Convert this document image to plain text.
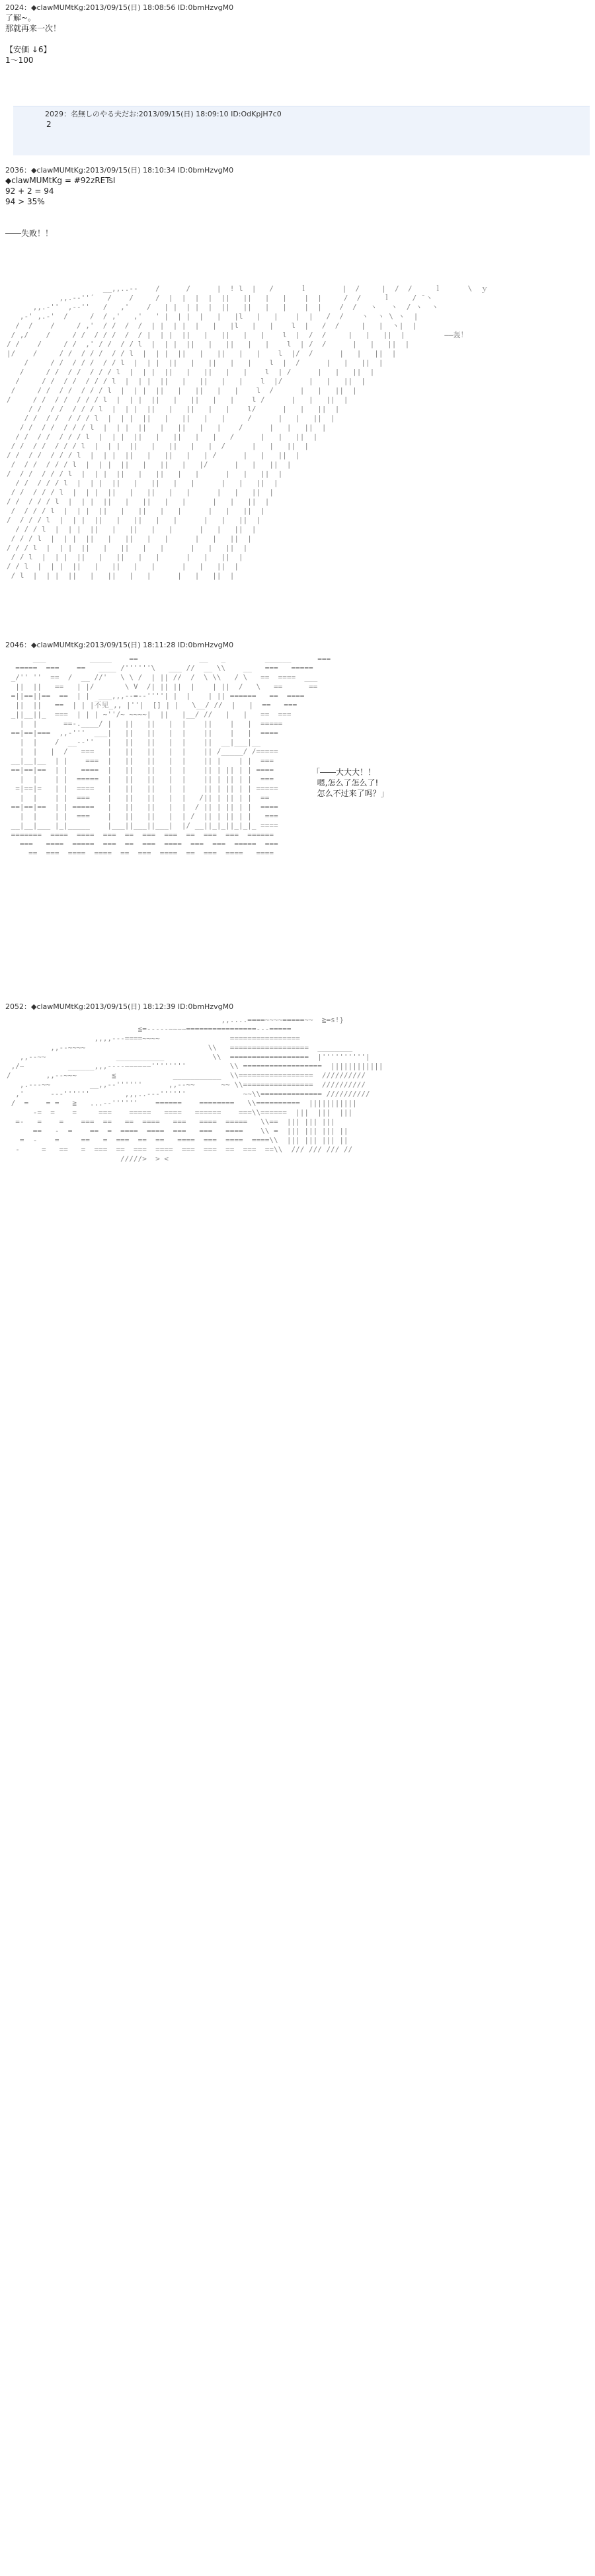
2024：◆clawMUMtKg:2013/09/15(日) 18:08:56 ID:0bmHzvgM0
了解~。
那就再来一次！

【安価 ↓6】
1～100
2029：名無しのやる夫だお:2013/09/15(日) 18:09:10 ID:OdKpjH7c0
2
2036：◆clawMUMtKg:2013/09/15(日) 18:10:34 ID:0bmHzvgM0
◆clawMUMtKg = #92zRETsI
92 + 2 = 94
94 > 35%

――失败！！
__,,..--    /      /      |  ! l  |   /      ｌ        |  /     |  /  /     ｌ      \  ｙ
,,.--''´   /    /     /  |  |  |  |  ||   ||   |   |    |  |     /  /     ｌ     / ̄ ヽ
,,.-''  ,-‐''   /   ,'    /   | |  | |  |  ||   ||   |   |    |  |    /  /   ヽ   ヽ  / ヽ  ヽ
,-' ,.‐'  /     /  / ,'   ,'   ' |  | |  |   |   |l   |   |    |  |   /  /    ヽ  ヽ \ ヽ  |
/  /    /     / ,'  / /  /  /  | |  | |  |   |   |l   |   |    l  |   /  /     |   |  ヽ|  |
/ ,/    /     / /  / / /  /  / |  | |  ||   |   ||   |   |    l  |  /  /     |   |   ||  |         ――轰！
/ /    /     / /  ,' / /  / / l  |  | |  ||   |   ||   |   |    l  | /  /      |   |   ||  |
|/    /     / /  / / /  / / l  |  | |  ||   |   ||   |   |    l  |/  /      |   |   ||  |
/     / /  / / /  / / l  |  | |  ||   |   ||   |   |    l  |  /      |   |   ||  |
/     / /  / /  / / / l  |  | |  ||   |   ||   |   |    l  | /      |   |   ||  |
/     / /  / /  / / / l  |  | |  ||   |   ||   |   |    l  |/      |   |   ||  |
/     / /  / /  / / / l  |  | |  ||   |   ||   |   |    l  /      |   |   ||  |
/     / /  / /  / / / l  |  | |  ||   |   ||   |   |    l /      |   |   ||  |
/ /  / /  / / / l  |  | |  ||   |   ||   |   |    l/      |   |   ||  |
/ /  / /  / / / l  |  | |  ||   |   ||   |   |     /      |   |   ||  |
/ /  / /  / / / l  |  | |  ||   |   ||   |   |    /      |   |   ||  |
/ /  / /  / / / l  |  | |  ||   |   ||   |   |   /      |   |   ||  |
/ /  / /  / / / l  |  | |  ||   |   ||   |   |  /      |   |   ||  |
/ /  / /  / / / l  |  | |  ||   |   ||   |   | /      |   |   ||  |
/  / /  / / / l  |  | |  ||   |   ||   |   |/      |   |   ||  |
/  / /  / / / l  |  | |  ||   |   ||   |   |      |   |   ||  |
/ /  / / / l  |  | |  ||   |   ||   |   |      |   |   ||  |
/ /  / / / l  |  | |  ||   |   ||   |   |      |   |   ||  |
/ /  / / / l  |  | |  ||   |   ||   |   |      |   |   ||  |
/  / / / l  |  | |  ||   |   ||   |   |      |   |   ||  |
/  / / / l  |  | |  ||   |   ||   |   |      |   |   ||  |
/ / / l  |  | |  ||   |   ||   |   |      |   |   ||  |
/ / / l  |  | |  ||   |   ||   |   |      |   |   ||  |
/ / / l  |  | |  ||   |   ||   |   |      |   |   ||  |
/ / l  |  | |  ||   |   ||   |   |      |   |   ||  |
/ / l  |  | |  ||   |   ||   |   |      |   |   ||  |
/ l  |  | |  ||   |   ||   |   |      |   |   ||  |
2046：◆clawMUMtKg:2013/09/15(日) 18:11:28 ID:0bmHzvgM0
___          _____    ==              __   _         ______      ===
=====  ===    ==   ____ /''''''\   ___ //  __ \\    __   ===   =====
_/'' ''  ==  /  __ //'   \ \ /  | || //  /  \ \\   / \   ==  ====  ___
||  ||   ==   | |/       \ V  /| || ||  |    | ||  /   \   ==      ==
=||==||==  ==  | |  ___,,,--=--''''| |  |    | || ======   ==  ====
||  ||   ==  | | |不见_,, |''|  [] | |   \__/ //  |   |  ==   ===
_||__||_  ===  | | | ~''/~ ~~~~|  ||   |__/ //   |   |   ==  ===
|  |      ==-.____/ |   ||   ||   |  |    ||    |   |  =====
==|==|===  ,,-'''  ___|   ||   ||   |  |    ||    |   |  ====
|  |    /  __--''   |   ||   ||   |  |    ||  __|___|__
|  |   |  /   ===   |   ||   ||   |  |    || /_____/ /=====
__|__|__  | |    ===  |   ||   ||   |  |    || |    | |  ===
==|==|==  | |   ====  |   ||   ||   |  |    || | || | | ====
|  |    | |  =====  |   ||   ||   |  |    || | || | |  ===
=|==|=   | |  ====   |   ||   ||   |  |    || | || | | =====
|  |    | |  ===    |   ||   ||   |  |   /|| | || | |  ==
==|==|==  | | =====   |   ||   ||   |  |  / || | || | |  ====
|  |    | |  ===    |   ||   ||   |  | /  || | || | |   ===
__|__|___ |_|_____    |___||___||___|  |/ __||_|_||_|_|_ ====
=======  ====  ====  ===  ==  ===  ===  ==  ===  ===  ======
===   ====  =====  ===  ==  ===  ====  ===  ===  =====  ===
==  ===  ====  ====  ==  ===  ====  ==  ===  ====   ====
「――大大大！！
嗯,怎么了怎么了!
怎么不过来了吗？」
2052：◆clawMUMtKg:2013/09/15(日) 18:12:39 ID:0bmHzvgM0
,,....====~~~~=====~~  ≧=s!}
≦=-----~~~~================---=====
,,,,---====~~~~                ================
,,--~~~~                            \\   ==================  ________
,,--~~                ___________           \\  ==================  |''''''''''|
,/~          ______,,,----~~~~~~''''''''          \\ ==================  ||||||||||||
/        ,,--~~~        ≦             ___________  \\=================  //////////
,.---~~         __,,--''''''      ,,--~~      ~~ \\================  //////////
,'      ---''''''        ,,,..---''''''             ~~\\============== //////////
/  =    = =   ≧   ...--''''''    ======    ========   \\==========  |||||||||||
-=  =    =     ===    =====   ====   ======    ===\\======  |||  |||  |||
=-   =    =    ===  ==   ==  ====   ===   ====  =====   \\==  ||| ||| |||
==   -  =    ==  =  ====  ====  ===   ===   ====    \\ =  ||| ||| ||| ||
=  -    =     ==   =  ===  ==  ==   ====  ===  ====  ====\\  ||| ||| ||| ||
-     =   ==   =  ===  ==  ===  ====  ===  ===  ==  ===  ==\\  /// /// /// //
/////>  > <
